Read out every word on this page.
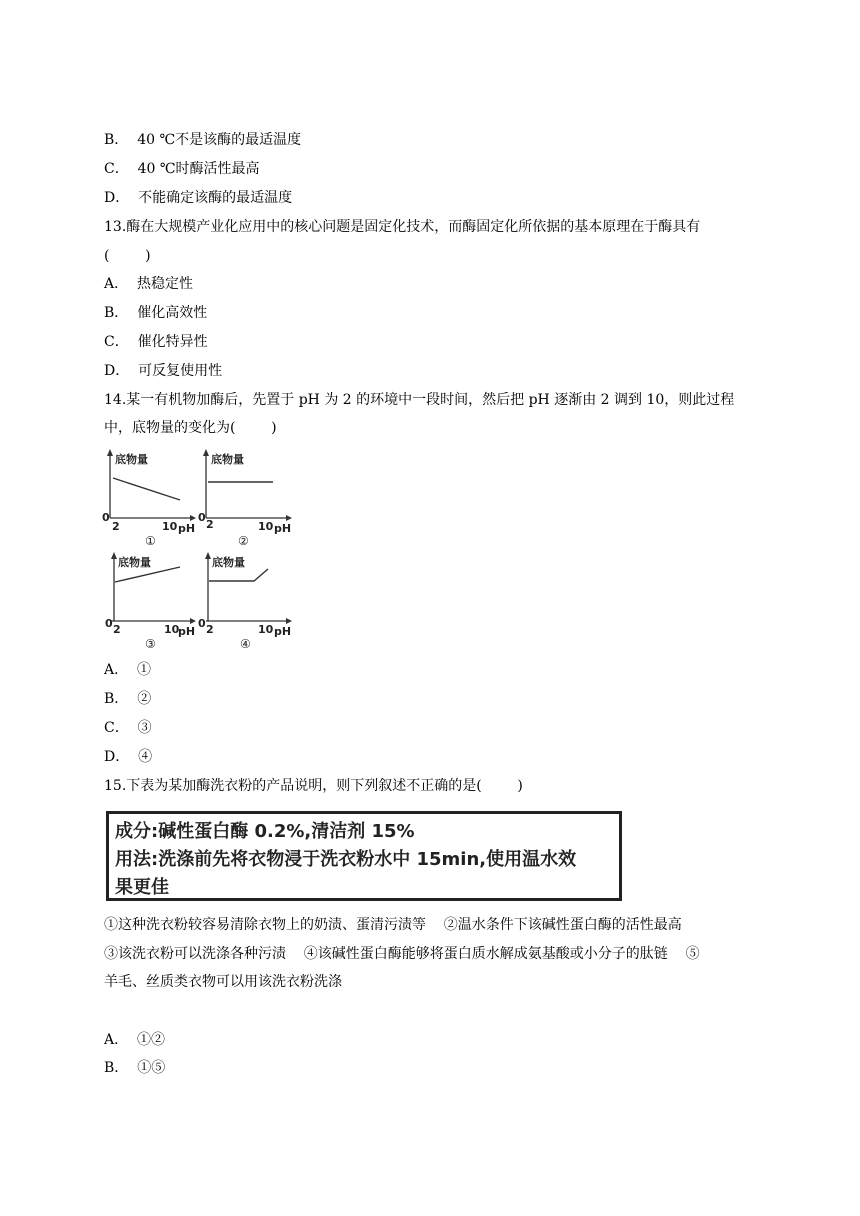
B．  40 ℃不是该酶的最适温度
C．  40 ℃时酶活性最高
D．  不能确定该酶的最适温度
13.酶在大规模产业化应用中的核心问题是固定化技术，而酶固定化所依据的基本原理在于酶具有
(        )
A．  热稳定性
B．  催化高效性
C．  催化特异性
D．  可反复使用性
14.某一有机物加酶后，先置于 pH 为 2 的环境中一段时间，然后把 pH 逐渐由 2 调到 10，则此过程
中，底物量的变化为(        )
底物量
0
2	10 pH
①
底物量
0
2	10 pH
②
底物量
0 2	10
pH
③
底物量
0 2	10 pH
④
A．  ①
B．  ②
C．  ③
D．  ④
15.下表为某加酶洗衣粉的产品说明，则下列叙述不正确的是(        )
成分:碱性蛋白酶 0.2%,清洁剂 15%
用法:洗涤前先将衣物浸于洗衣粉水中 15min,使用温水效
果更佳
①这种洗衣粉较容易清除衣物上的奶渍、蛋清污渍等    ②温水条件下该碱性蛋白酶的活性最高
③该洗衣粉可以洗涤各种污渍    ④该碱性蛋白酶能够将蛋白质水解成氨基酸或小分子的肽链    ⑤
羊毛、丝质类衣物可以用该洗衣粉洗涤
A．  ①②
B．  ①⑤
